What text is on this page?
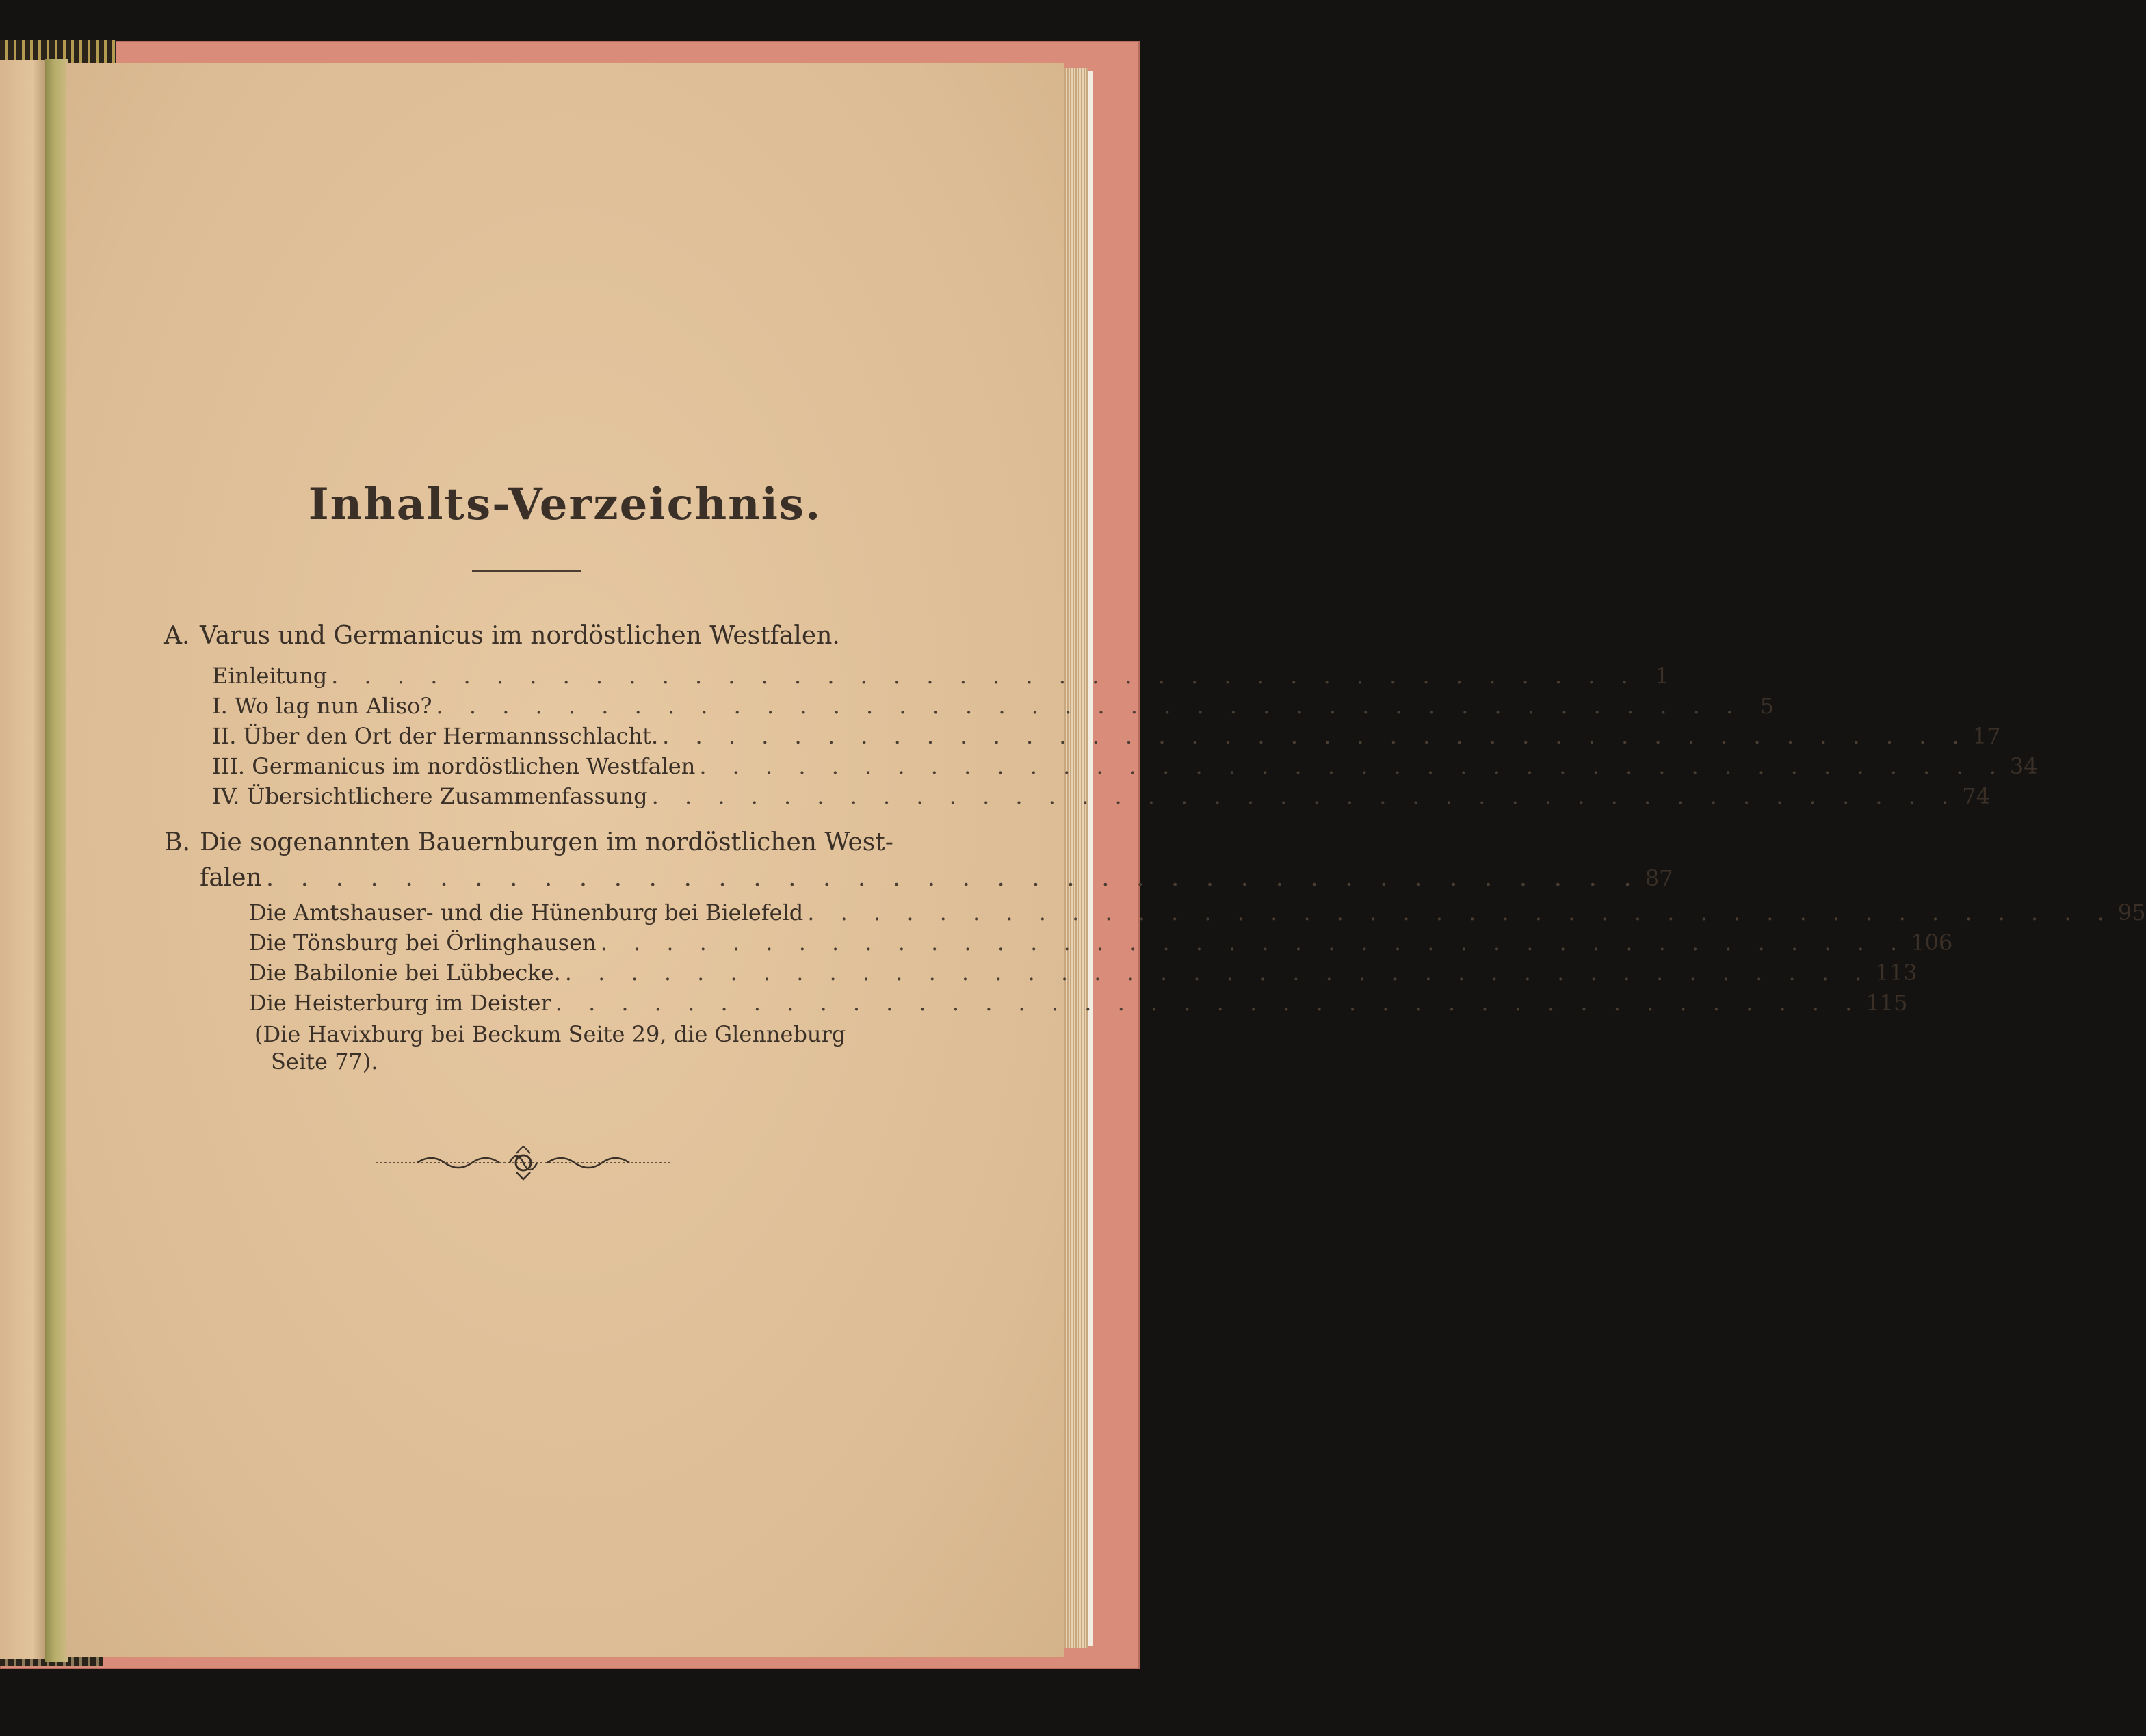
Inhalts-Verzeichnis.
A. Varus und Germanicus im nordöstlichen Westfalen.
Einleitung . . . . . . . . . . . . . . . . . . . . . . . . . . . . . . . . . . . . . . . . 1
I. Wo lag nun Aliso? . . . . . . . . . . . . . . . . . . . . . . . . . . . . . . . . . . . . . . . . 5
II. Über den Ort der Hermannsschlacht. . . . . . . . . . . . . . . . . . . . . . . . . . . . . . . . . . . . . . . . . 17
III. Germanicus im nordöstlichen Westfalen . . . . . . . . . . . . . . . . . . . . . . . . . . . . . . . . . . . . . . . . 34
IV. Übersichtlichere Zusammenfassung . . . . . . . . . . . . . . . . . . . . . . . . . . . . . . . . . . . . . . . . 74
B. Die sogenannten Bauernburgen im nordöstlichen West-
falen . . . . . . . . . . . . . . . . . . . . . . . . . . . . . . . . . . . . . . . . 87
Die Amtshauser- und die Hünenburg bei Bielefeld . . . . . . . . . . . . . . . . . . . . . . . . . . . . . . . . . . . . . . . . 95
Die Tönsburg bei Örlinghausen . . . . . . . . . . . . . . . . . . . . . . . . . . . . . . . . . . . . . . . . 106
Die Babilonie bei Lübbecke. . . . . . . . . . . . . . . . . . . . . . . . . . . . . . . . . . . . . . . . . 113
Die Heisterburg im Deister . . . . . . . . . . . . . . . . . . . . . . . . . . . . . . . . . . . . . . . . 115
(Die Havixburg bei Beckum Seite 29, die Glenneburg
Seite 77).
